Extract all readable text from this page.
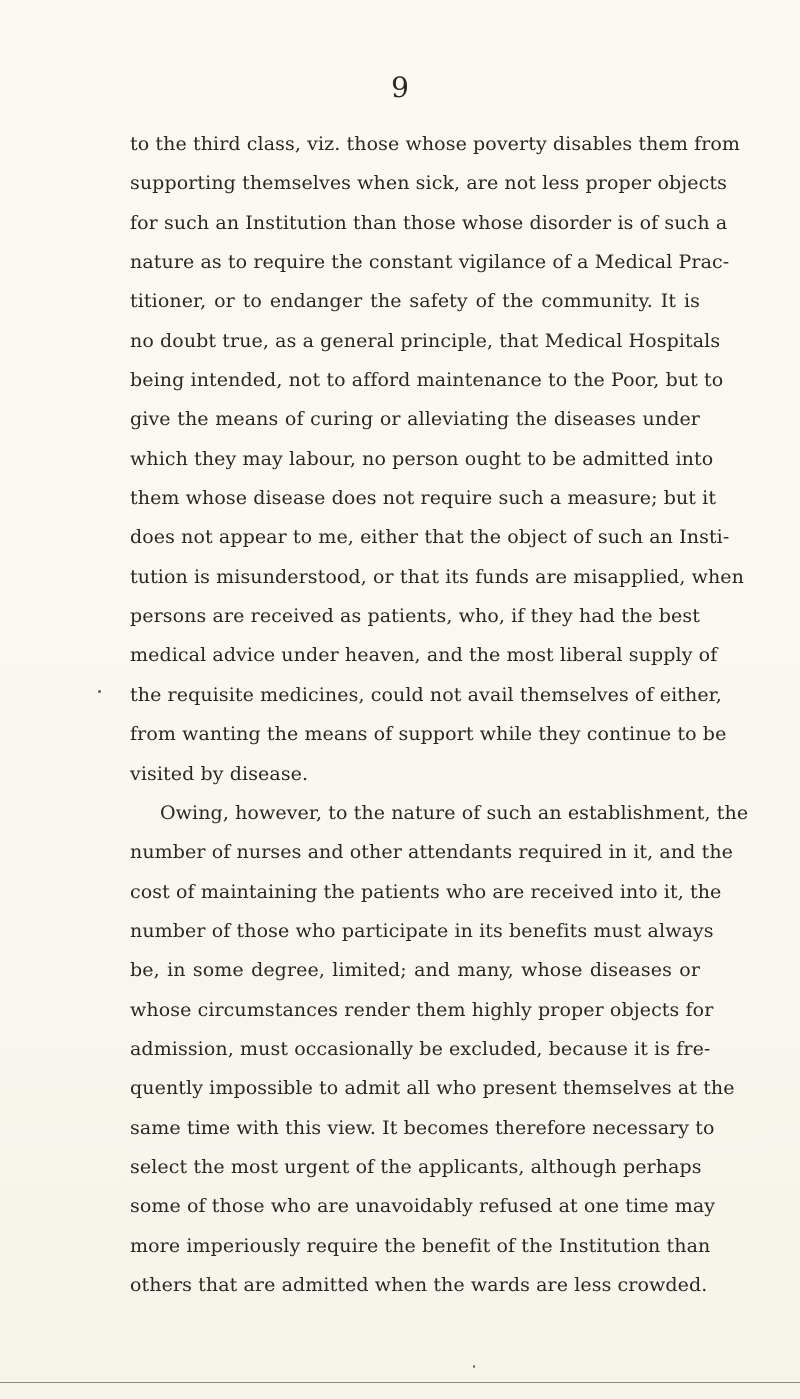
9
to the third class, viz. those whose poverty disables them from
supporting themselves when sick, are not less proper objects
for such an Institution than those whose disorder is of such a
nature as to require the constant vigilance of a Medical Prac-
titioner, or to endanger the safety of the community. It is
no doubt true, as a general principle, that Medical Hospitals
being intended, not to afford maintenance to the Poor, but to
give the means of curing or alleviating the diseases under
which they may labour, no person ought to be admitted into
them whose disease does not require such a measure; but it
does not appear to me, either that the object of such an Insti-
tution is misunderstood, or that its funds are misapplied, when
persons are received as patients, who, if they had the best
medical advice under heaven, and the most liberal supply of
the requisite medicines, could not avail themselves of either,
from wanting the means of support while they continue to be
visited by disease.
Owing, however, to the nature of such an establishment, the
number of nurses and other attendants required in it, and the
cost of maintaining the patients who are received into it, the
number of those who participate in its benefits must always
be, in some degree, limited; and many, whose diseases or
whose circumstances render them highly proper objects for
admission, must occasionally be excluded, because it is fre-
quently impossible to admit all who present themselves at the
same time with this view. It becomes therefore necessary to
select the most urgent of the applicants, although perhaps
some of those who are unavoidably refused at one time may
more imperiously require the benefit of the Institution than
others that are admitted when the wards are less crowded.
